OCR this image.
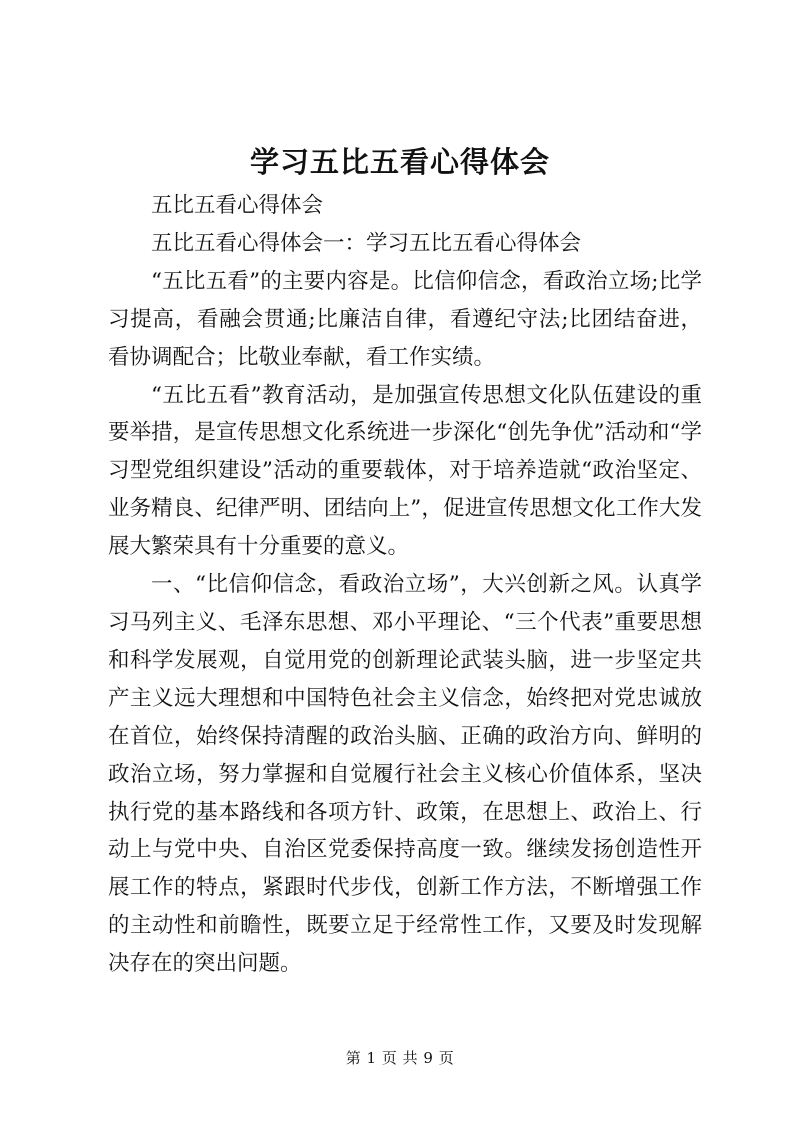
学习五比五看心得体会

五比五看心得体会

五比五看心得体会一：学习五比五看心得体会

“五比五看”的主要内容是。比信仰信念，看政治立场;比学习提高，看融会贯通;比廉洁自律，看遵纪守法;比团结奋进，看协调配合；比敬业奉献，看工作实绩。

“五比五看”教育活动，是加强宣传思想文化队伍建设的重要举措，是宣传思想文化系统进一步深化“创先争优”活动和“学习型党组织建设”活动的重要载体，对于培养造就“政治坚定、业务精良、纪律严明、团结向上”，促进宣传思想文化工作大发展大繁荣具有十分重要的意义。

一、“比信仰信念，看政治立场”，大兴创新之风。认真学习马列主义、毛泽东思想、邓小平理论、“三个代表”重要思想和科学发展观，自觉用党的创新理论武装头脑，进一步坚定共产主义远大理想和中国特色社会主义信念，始终把对党忠诚放在首位，始终保持清醒的政治头脑、正确的政治方向、鲜明的政治立场，努力掌握和自觉履行社会主义核心价值体系，坚决执行党的基本路线和各项方针、政策，在思想上、政治上、行动上与党中央、自治区党委保持高度一致。继续发扬创造性开展工作的特点，紧跟时代步伐，创新工作方法，不断增强工作的主动性和前瞻性，既要立足于经常性工作，又要及时发现解决存在的突出问题。

第 1 页 共 9 页
